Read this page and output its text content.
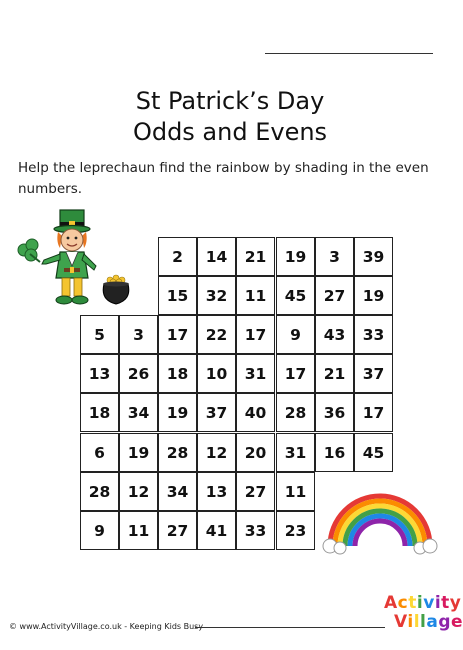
St Patrick’s Day
Odds and Evens
Help the leprechaun find the rainbow by shading in the even numbers.
2	14	21	19	3	39
15	32	11	45	27	19
5	3	17	22	17	9	43	33
13	26	18	10	31	17	21	37
18	34	19	37	40	28	36	17
6	19	28	12	20	31	16	45
28	12	34	13	27	11
9	11	27	41	33	23
© www.ActivityVillage.co.uk - Keeping Kids Busy
Activity
Village
